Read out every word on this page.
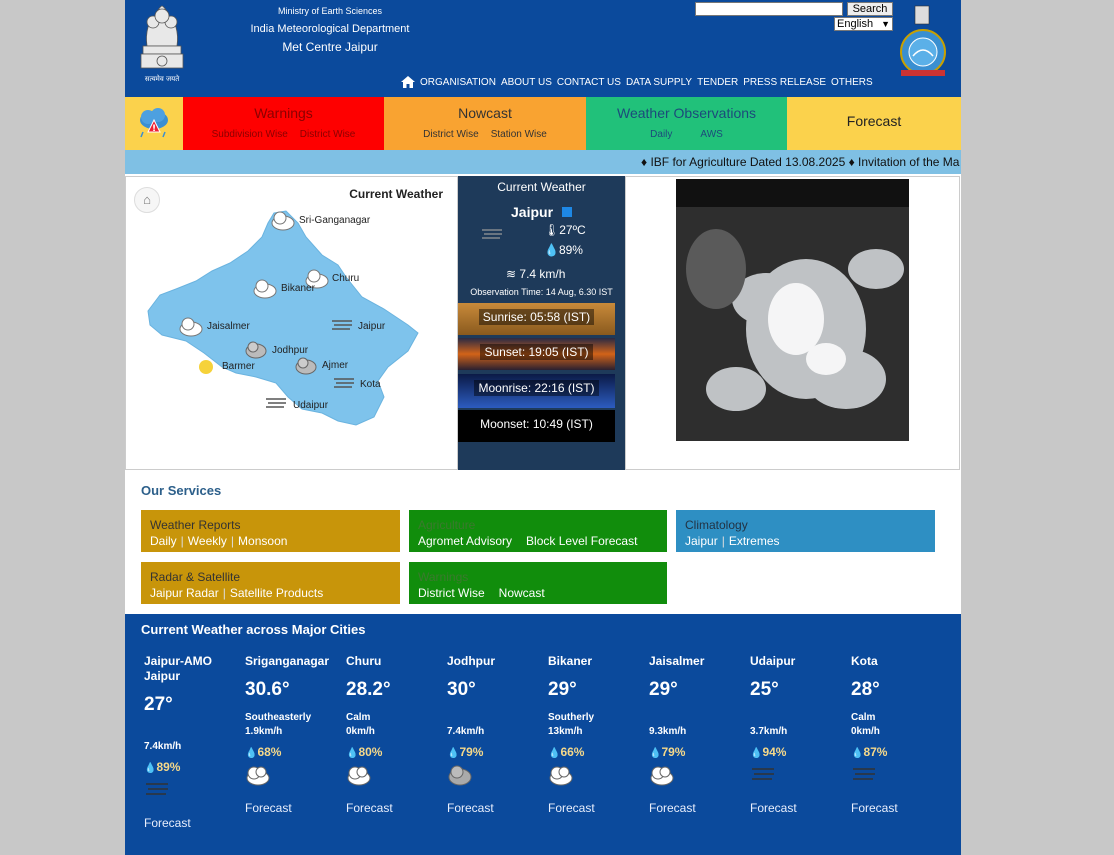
सत्यमेव जयते
Ministry of Earth Sciences
India Meteorological Department
Met Centre Jaipur
Search
English ▼
ORGANISATION ABOUT US CONTACT US DATA SUPPLY TENDER PRESS RELEASE OTHERS
!
Warnings
Subdivision Wise District Wise
Nowcast
District Wise Station Wise
Weather Observations
Daily	AWS
Forecast
♦ IBF for Agriculture Dated 13.08.2025 ♦ Invitation of the Ma
⌂	Current Weather
Sri-Ganganagar
Churu
Bikaner
Jaisalmer	Jaipur
Jodhpur
Barmer	Ajmer
Kota
Udaipur
Current Weather
Jaipur
🌡27ºC
💧89%
≋ 7.4 km/h
Observation Time: 14 Aug, 6.30 IST
Sunrise: 05:58 (IST)
Sunset: 19:05 (IST)
Moonrise: 22:16 (IST)
Moonset: 10:49 (IST)
Our Services
Weather Reports
Daily | Weekly | Monsoon
Agriculture
Agromet Advisory Block Level Forecast
Climatology
Jaipur | Extremes
Radar & Satellite
Jaipur Radar | Satellite Products
Warnings
District Wise Nowcast
Current Weather across Major Cities
Jaipur-AMO Jaipur
27°
7.4km/h
💧89%
Forecast
Sriganganagar
30.6°
Southeasterly
1.9km/h
💧68%
Forecast
Churu
28.2°
Calm
0km/h
💧80%
Forecast
Jodhpur
30°
7.4km/h
💧79%
Forecast
Bikaner
29°
Southerly
13km/h
💧66%
Forecast
Jaisalmer
29°
9.3km/h
💧79%
Forecast
Udaipur
25°
3.7km/h
💧94%
Forecast
Kota
28°
Calm
0km/h
💧87%
Forecast
